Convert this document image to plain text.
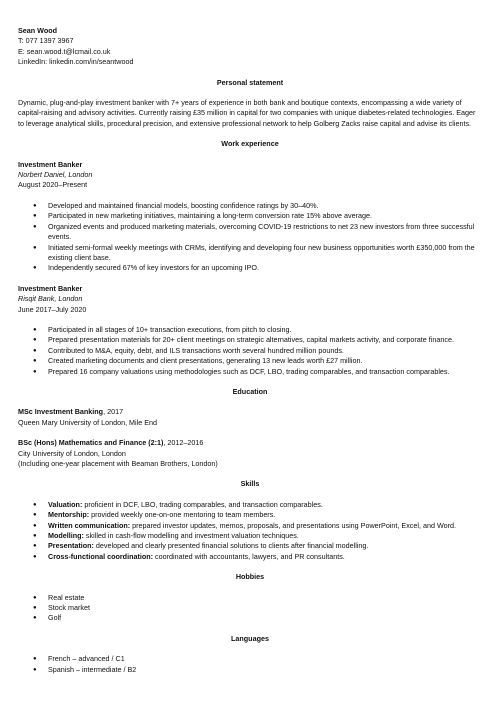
Sean Wood

T: 077 1397 3967

E: sean.wood.t@lcmail.co.uk

LinkedIn: linkedin.com/in/seantwood

Personal statement

Dynamic, plug-and-play investment banker with 7+ years of experience in both bank and boutique contexts, encompassing a wide variety of capital-raising and advisory activities. Currently raising £35 million in capital for two companies with unique diabetes-related technologies. Eager to leverage analytical skills, procedural precision, and extensive professional network to help Golberg Zacks raise capital and advise its clients.

Work experience

Investment Banker

Norbert Daniel, London

August 2020–Present

● Developed and maintained financial models, boosting confidence ratings by 30–40%.
● Participated in new marketing initiatives, maintaining a long-term conversion rate 15% above average.
● Organized events and produced marketing materials, overcoming COVID-19 restrictions to net 23 new investors from three successful events.
● Initiated semi-formal weekly meetings with CRMs, identifying and developing four new business opportunities worth £350,000 from the existing client base.
● Independently secured 67% of key investors for an upcoming IPO.

Investment Banker

Risqit Bank, London

June 2017–July 2020

● Participated in all stages of 10+ transaction executions, from pitch to closing.
● Prepared presentation materials for 20+ client meetings on strategic alternatives, capital markets activity, and corporate finance.
● Contributed to M&A, equity, debt, and ILS transactions worth several hundred million pounds.
● Created marketing documents and client presentations, generating 13 new leads worth £27 million.
● Prepared 16 company valuations using methodologies such as DCF, LBO, trading comparables, and transaction comparables.

Education

MSc Investment Banking, 2017

Queen Mary University of London, Mile End

BSc (Hons) Mathematics and Finance (2:1), 2012–2016

City University of London, London

(Including one-year placement with Beaman Brothers, London)

Skills

● Valuation: proficient in DCF, LBO, trading comparables, and transaction comparables.
● Mentorship: provided weekly one-on-one mentoring to team members.
● Written communication: prepared investor updates, memos, proposals, and presentations using PowerPoint, Excel, and Word.
● Modelling: skilled in cash-flow modelling and investment valuation techniques.
● Presentation: developed and clearly presented financial solutions to clients after financial modelling.
● Cross-functional coordination: coordinated with accountants, lawyers, and PR consultants.

Hobbies

● Real estate
● Stock market
● Golf

Languages

● French – advanced / C1
● Spanish – intermediate / B2
